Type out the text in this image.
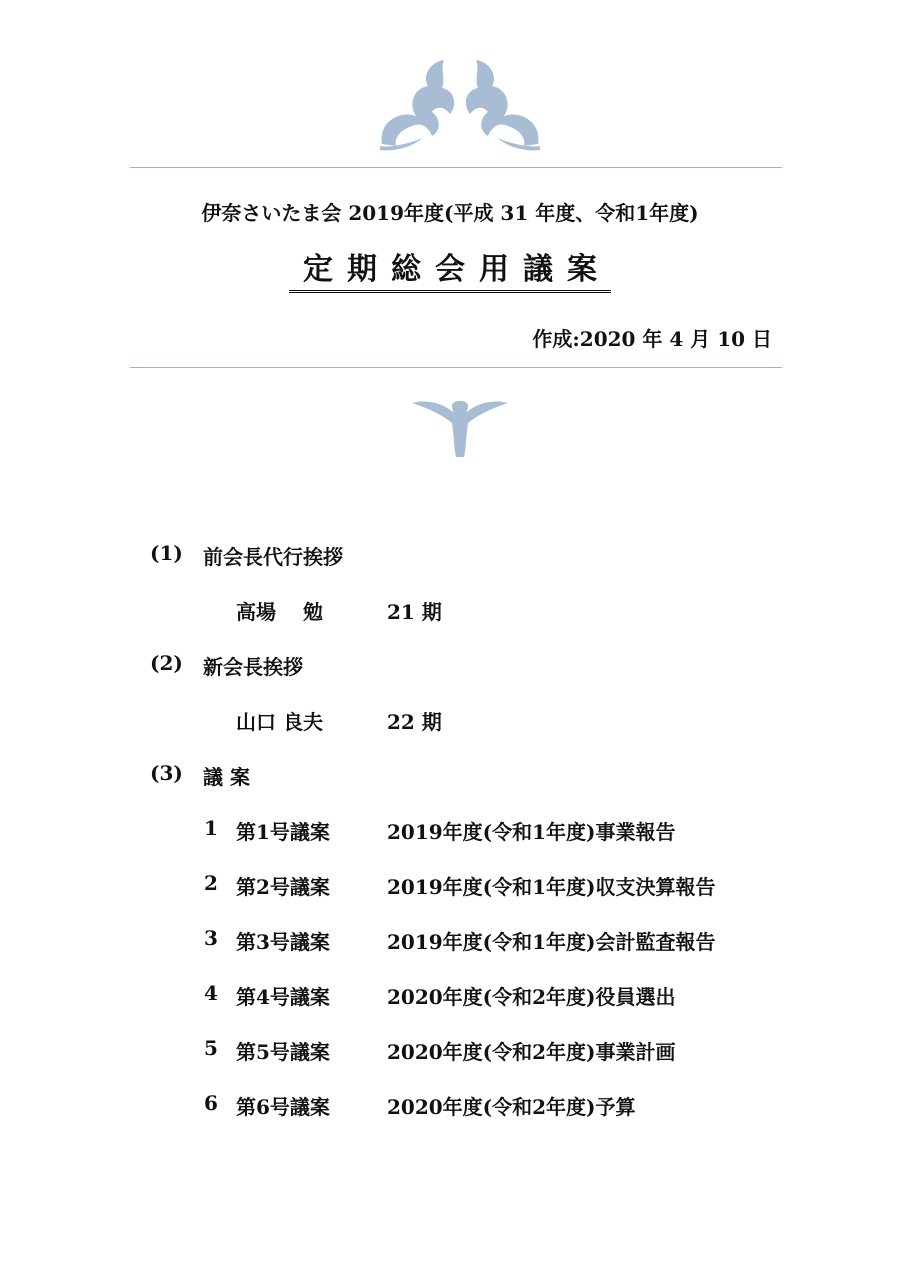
伊奈さいたま会 2019年度(平成 31 年度、令和1年度)
定期総会用議案
作成:2020 年 4 月 10 日
(1) 前会長代行挨拶
高場　 勉	21 期
(2) 新会長挨拶
山口 良夫	22 期
(3) 議 案
1 第1号議案	2019年度(令和1年度)事業報告
2 第2号議案	2019年度(令和1年度)収支決算報告
3 第3号議案	2019年度(令和1年度)会計監査報告
4 第4号議案	2020年度(令和2年度)役員選出
5 第5号議案	2020年度(令和2年度)事業計画
6 第6号議案	2020年度(令和2年度)予算
